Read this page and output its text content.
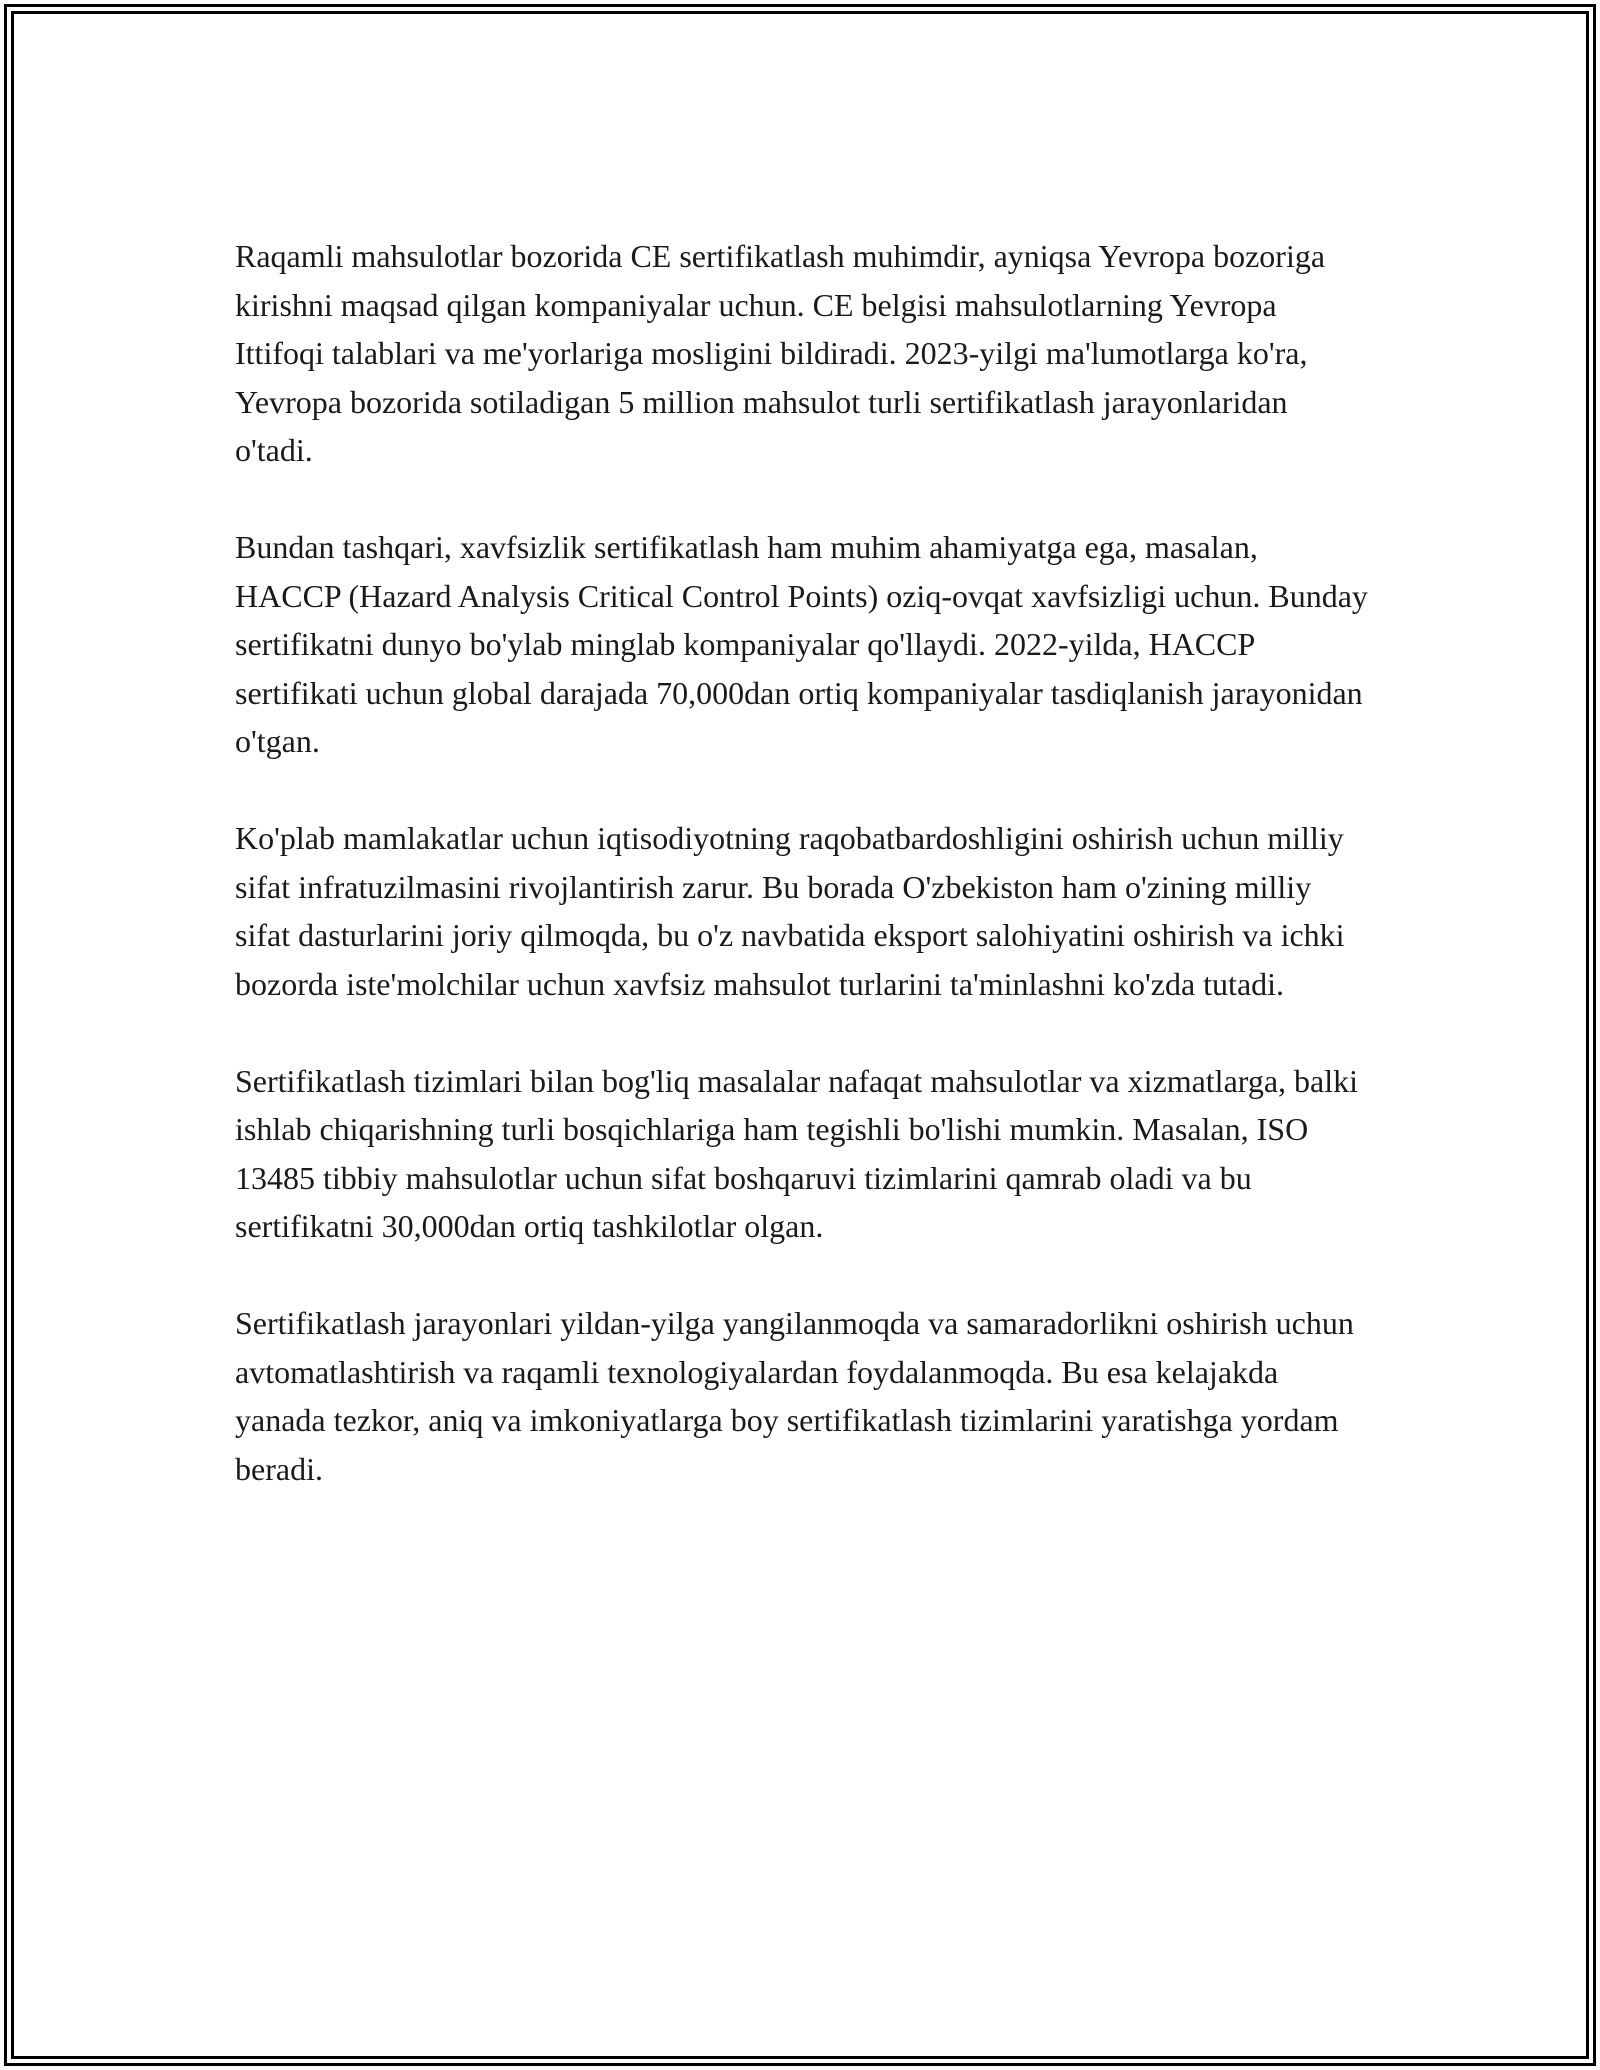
Raqamli mahsulotlar bozorida CE sertifikatlash muhimdir, ayniqsa Yevropa bozoriga kirishni maqsad qilgan kompaniyalar uchun. CE belgisi mahsulotlarning Yevropa Ittifoqi talablari va me'yorlariga mosligini bildiradi. 2023-yilgi ma'lumotlarga ko'ra, Yevropa bozorida sotiladigan 5 million mahsulot turli sertifikatlash jarayonlaridan o'tadi.

Bundan tashqari, xavfsizlik sertifikatlash ham muhim ahamiyatga ega, masalan, HACCP (Hazard Analysis Critical Control Points) oziq-ovqat xavfsizligi uchun. Bunday sertifikatni dunyo bo'ylab minglab kompaniyalar qo'llaydi. 2022-yilda, HACCP sertifikati uchun global darajada 70,000dan ortiq kompaniyalar tasdiqlanish jarayonidan o'tgan.

Ko'plab mamlakatlar uchun iqtisodiyotning raqobatbardoshligini oshirish uchun milliy sifat infratuzilmasini rivojlantirish zarur. Bu borada O'zbekiston ham o'zining milliy sifat dasturlarini joriy qilmoqda, bu o'z navbatida eksport salohiyatini oshirish va ichki bozorda iste'molchilar uchun xavfsiz mahsulot turlarini ta'minlashni ko'zda tutadi.

Sertifikatlash tizimlari bilan bog'liq masalalar nafaqat mahsulotlar va xizmatlarga, balki ishlab chiqarishning turli bosqichlariga ham tegishli bo'lishi mumkin. Masalan, ISO 13485 tibbiy mahsulotlar uchun sifat boshqaruvi tizimlarini qamrab oladi va bu sertifikatni 30,000dan ortiq tashkilotlar olgan.

Sertifikatlash jarayonlari yildan-yilga yangilanmoqda va samaradorlikni oshirish uchun avtomatlashtirish va raqamli texnologiyalardan foydalanmoqda. Bu esa kelajakda yanada tezkor, aniq va imkoniyatlarga boy sertifikatlash tizimlarini yaratishga yordam beradi.
